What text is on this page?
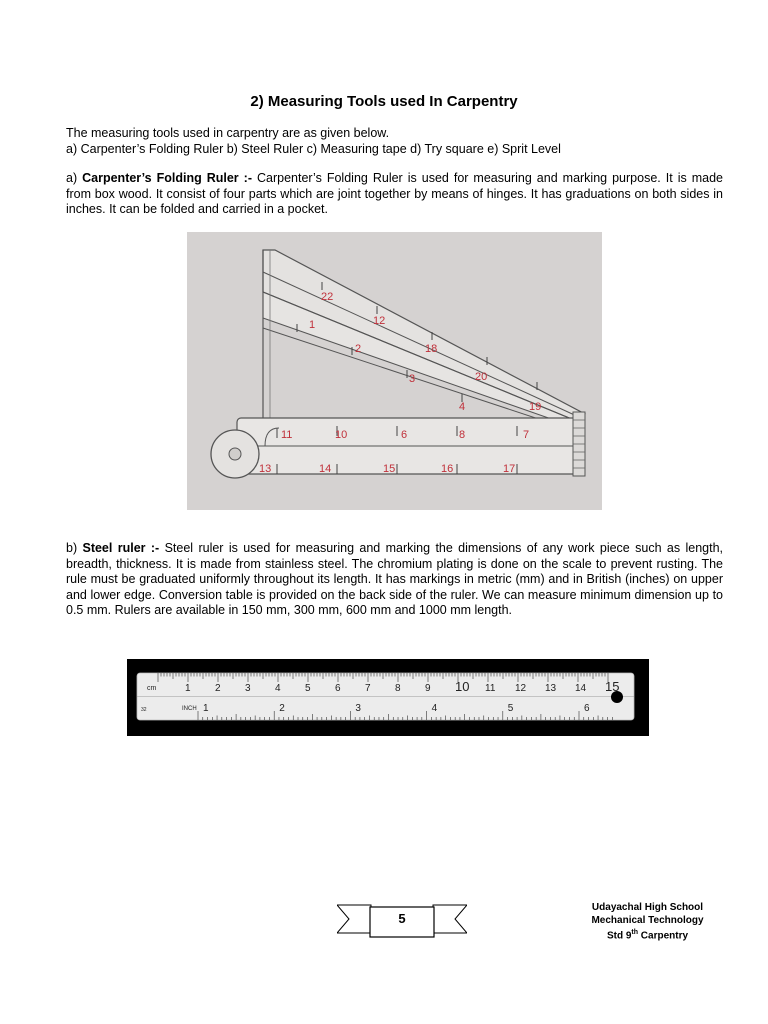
2) Measuring Tools used In Carpentry
The measuring tools used in carpentry are as given below.
a) Carpenter’s Folding Ruler b) Steel Ruler c) Measuring tape d) Try square e) Sprit Level
a) Carpenter’s Folding Ruler :- Carpenter’s Folding Ruler is used for measuring and marking purpose. It is made from box wood. It consist of four parts which are joint together by means of hinges. It has graduations on both sides in inches. It can be folded and carried in a pocket.
22
12
18
20
19
1
2
3
4
11	10	6	8	7
13	14	15	16	17
b) Steel ruler :- Steel ruler is used for measuring and marking the dimensions of any work piece such as length, breadth, thickness. It is made from stainless steel. The chromium plating is done on the scale to prevent rusting. The rule must be graduated uniformly throughout its length. It has markings in metric (mm) and in British (inches) on upper and lower edge. Conversion table is provided on the back side of the ruler. We can measure minimum dimension up to 0.5 mm. Rulers are available in 150 mm, 300 mm, 600 mm and 1000 mm length.
cm	1 2 3 4 5 6 7 8 9 10 11 12 13 14 15
INCH
32	1	2	3	4	5	6
5
Udayachal High School
Mechanical Technology
Std 9th Carpentry
